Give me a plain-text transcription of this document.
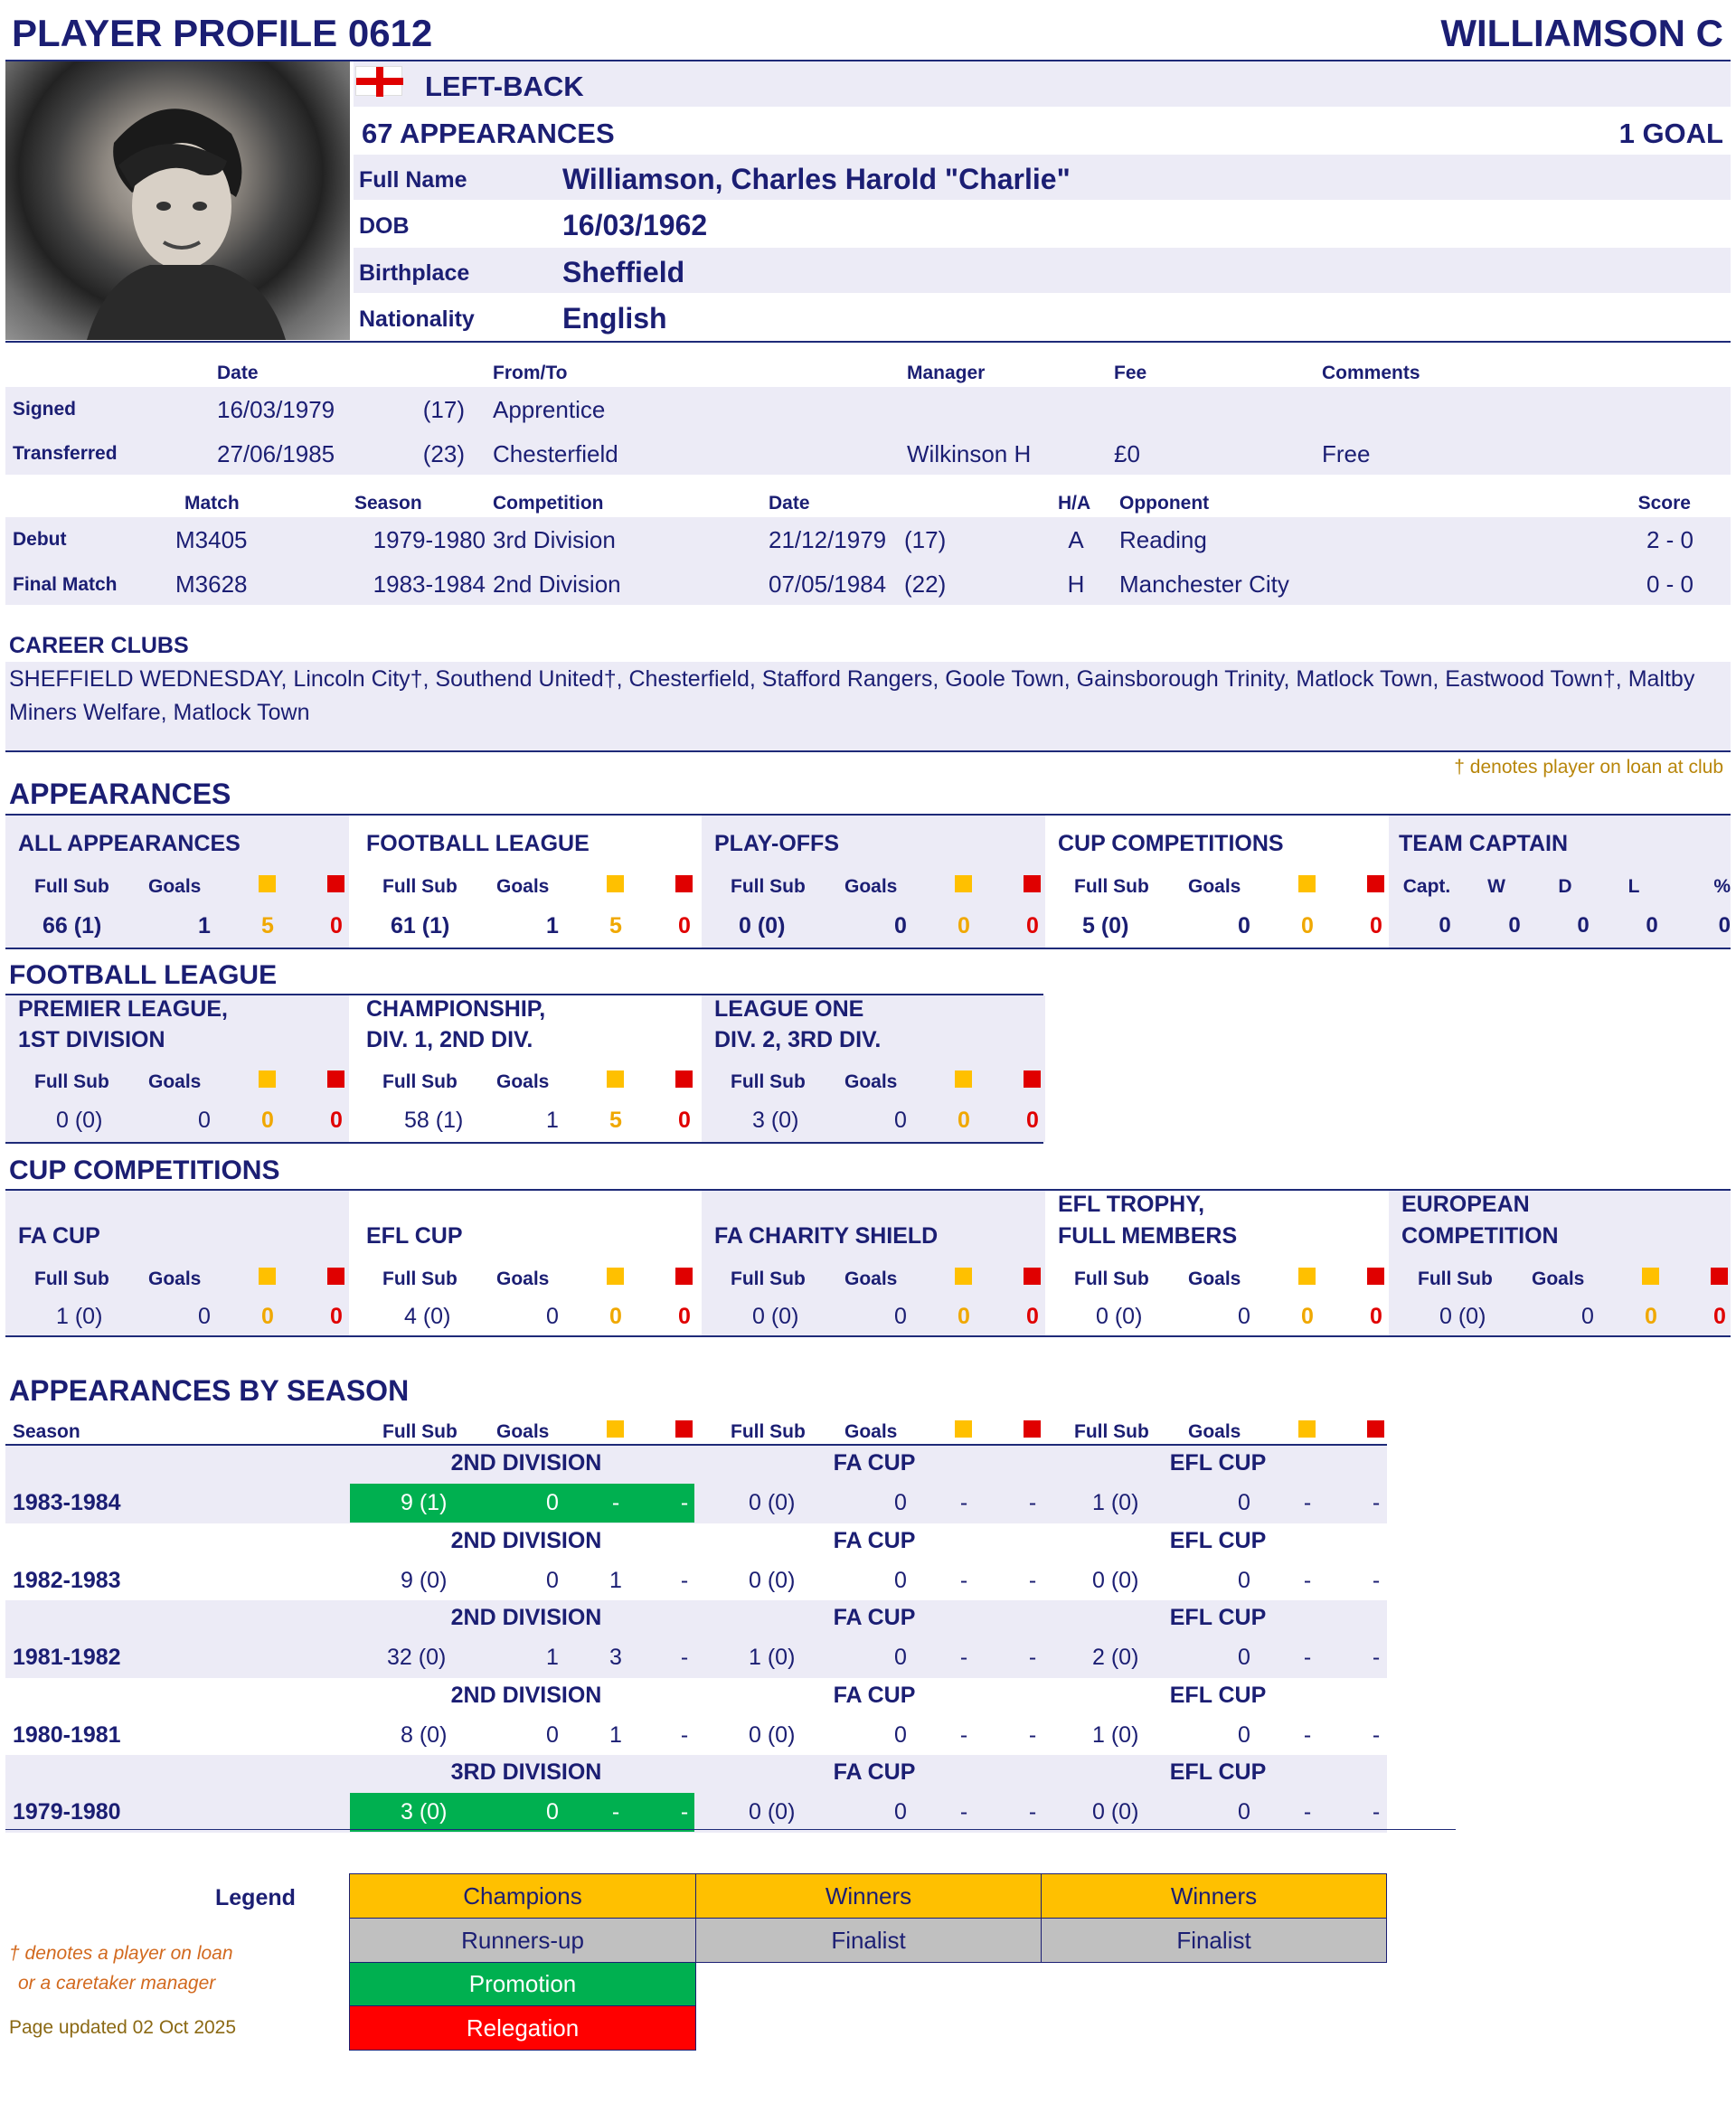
PLAYER PROFILE 0612	WILLIAMSON C
LEFT-BACK
67 APPEARANCES	1 GOAL
Full Name	Williamson, Charles Harold "Charlie"
DOB	16/03/1962
Birthplace	Sheffield
Nationality	English
Date	From/To	Manager	Fee	Comments
Signed	16/03/1979	(17) Apprentice
Transferred	27/06/1985	(23) Chesterfield	Wilkinson H	£0	Free
Match	Season	Competition	Date	H/A Opponent	Score
Debut	M3405	1979-1980 3rd Division	21/12/1979 (17)	A	Reading	2 - 0
Final Match M3628	1983-1984 2nd Division	07/05/1984 (22)	H	Manchester City	0 - 0
CAREER CLUBS
SHEFFIELD WEDNESDAY, Lincoln City†, Southend United†, Chesterfield, Stafford Rangers, Goole Town, Gainsborough Trinity, Matlock Town, Eastwood Town†, Maltby
Miners Welfare, Matlock Town
† denotes player on loan at club
APPEARANCES
ALL APPEARANCES
Full Sub Goals
66 (1)	1	5	0
FOOTBALL LEAGUE
Full Sub Goals
61 (1)	1	5	0
PLAY-OFFS
Full Sub Goals
0 (0)	0	0	0
CUP COMPETITIONS
Full Sub Goals
5 (0)	0	0	0
TEAM CAPTAIN
Capt. W	D	L	%
0	0	0	0	0
FOOTBALL LEAGUE
CUP COMPETITIONS
PREMIER LEAGUE,
1ST DIVISION
Full Sub Goals
0 (0)	0	0	0
CHAMPIONSHIP,
DIV. 1, 2ND DIV.
Full Sub Goals
58 (1)	1	5	0
LEAGUE ONE
DIV. 2, 3RD DIV.
Full Sub Goals
3 (0)	0	0	0
FA CUP
Full Sub Goals
1 (0)	0	0	0
EFL CUP
Full Sub Goals
4 (0)	0	0	0
FA CHARITY SHIELD
Full Sub Goals
0 (0)	0	0	0
EFL TROPHY,
FULL MEMBERS
Full Sub Goals
0 (0)	0	0	0
EUROPEAN
COMPETITION
Full Sub Goals
0 (0)	0	0	0
APPEARANCES BY SEASON
Season	Full Sub Goals	Full Sub Goals	Full Sub Goals
1983-1984
2ND DIVISION
9 (1)	0	-	-
FA CUP
0 (0)	0	-	-
EFL CUP
1 (0)	0	-	-
1982-1983
2ND DIVISION
9 (0)	0	1	-
FA CUP
0 (0)	0	-	-
EFL CUP
0 (0)	0	-	-
1981-1982
2ND DIVISION
32 (0)	1	3	-
FA CUP
1 (0)	0	-	-
EFL CUP
2 (0)	0	-	-
1980-1981
2ND DIVISION
8 (0)	0	1	-
FA CUP
0 (0)	0	-	-
EFL CUP
1 (0)	0	-	-
1979-1980
3RD DIVISION
3 (0)	0	-	-
FA CUP
0 (0)	0	-	-
EFL CUP
0 (0)	0	-	-
Legend	Champions	Winners	Winners
Runners-up	Finalist	Finalist
Promotion
Relegation
† denotes a player on loan
or a caretaker manager
Page updated 02 Oct 2025
